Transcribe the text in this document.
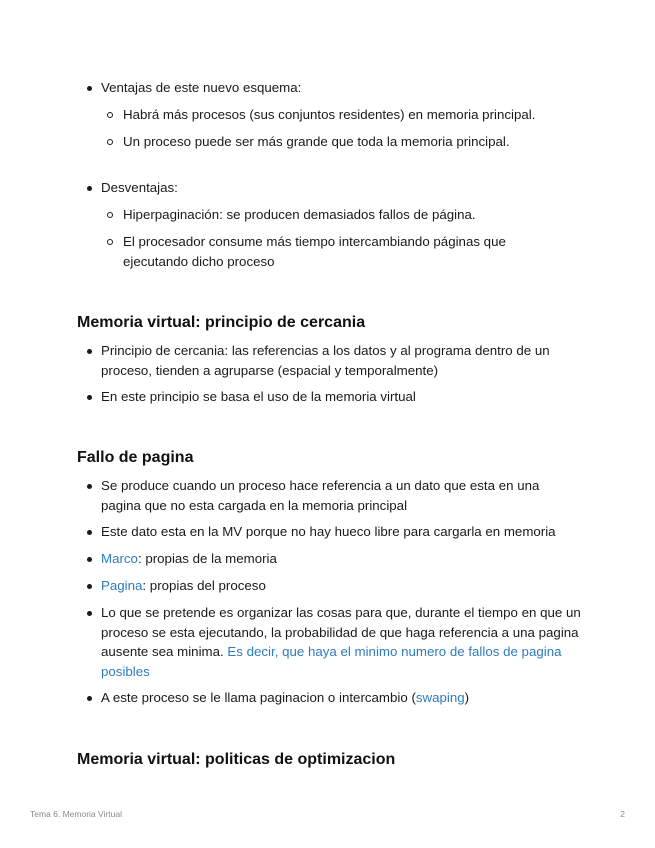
Ventajas de este nuevo esquema:
Habrá más procesos (sus conjuntos residentes) en memoria principal.
Un proceso puede ser más grande que toda la memoria principal.
Desventajas:
Hiperpaginación: se producen demasiados fallos de página.
El procesador consume más tiempo intercambiando páginas que ejecutando dicho proceso
Memoria virtual: principio de cercania
Principio de cercania: las referencias a los datos y al programa dentro de un proceso, tienden a agruparse (espacial y temporalmente)
En este principio se basa el uso de la memoria virtual
Fallo de pagina
Se produce cuando un proceso hace referencia a un dato que esta en una pagina que no esta cargada en la memoria principal
Este dato esta en la MV porque no hay hueco libre para cargarla en memoria
Marco: propias de la memoria
Pagina: propias del proceso
Lo que se pretende es organizar las cosas para que, durante el tiempo en que un proceso se esta ejecutando, la probabilidad de que haga referencia a una pagina ausente sea minima. Es decir, que haya el minimo numero de fallos de pagina posibles
A este proceso se le llama paginacion o intercambio (swaping)
Memoria virtual: politicas de optimizacion
Tema 6. Memoria Virtual	2
